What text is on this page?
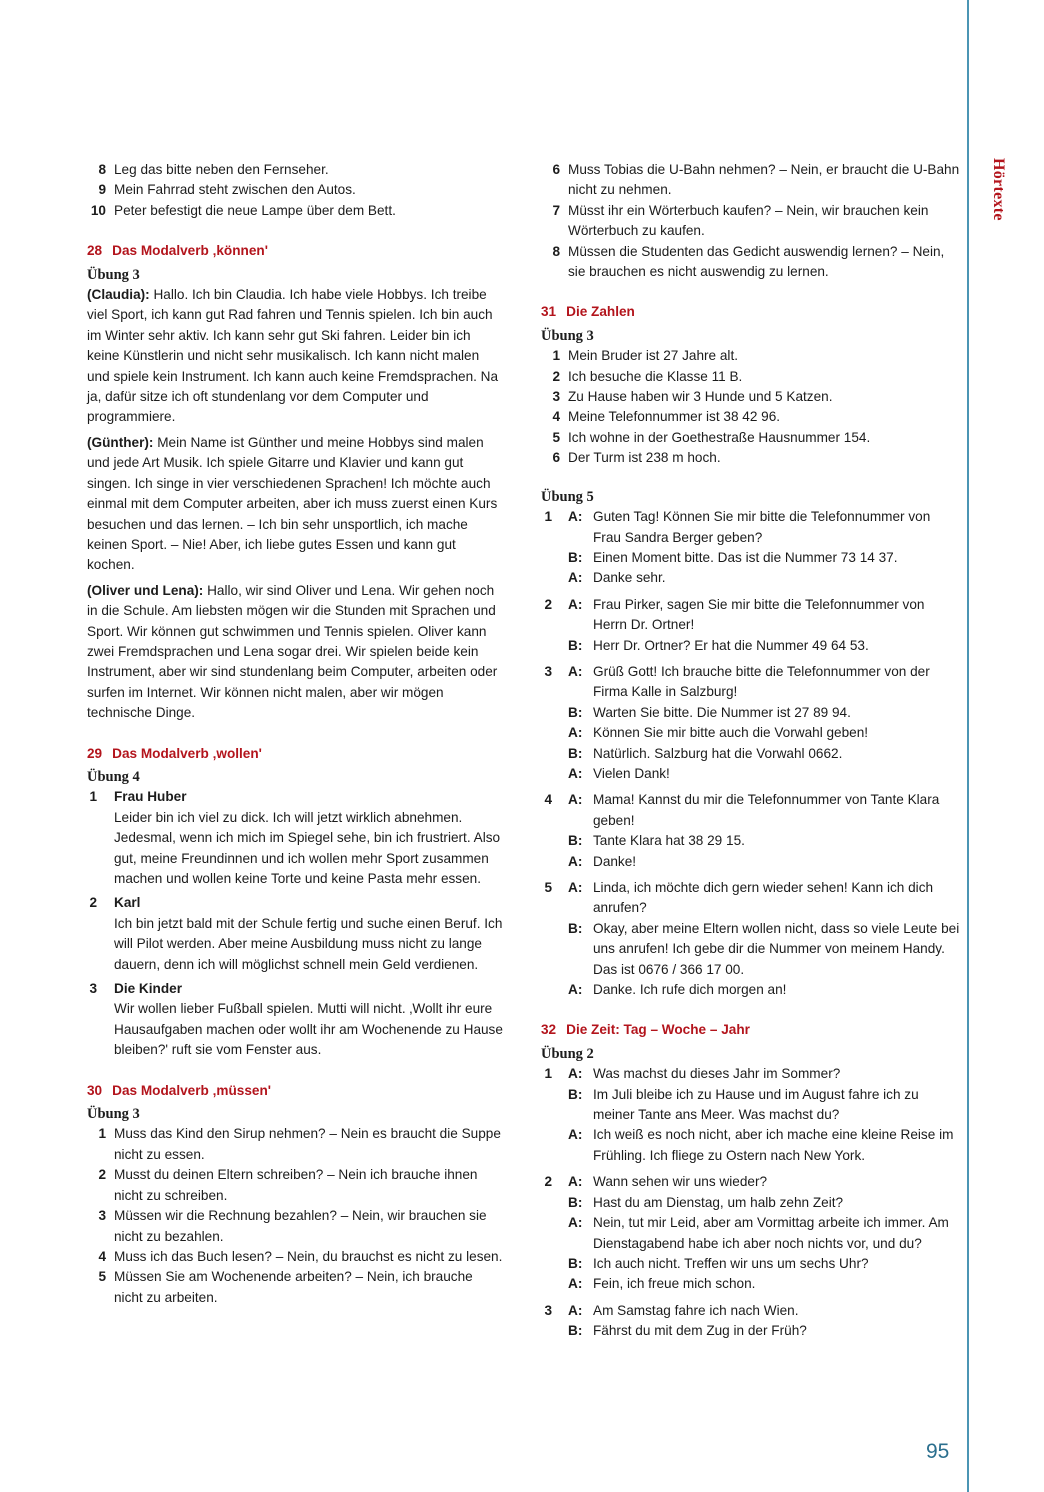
Hörtexte
95
8 Leg das bitte neben den Fernseher.
9 Mein Fahrrad steht zwischen den Autos.
10 Peter befestigt die neue Lampe über dem Bett.
28 Das Modalverb ‚können'
Übung 3
(Claudia): Hallo. Ich bin Claudia. Ich habe viele Hobbys. Ich treibe viel Sport, ich kann gut Rad fahren und Tennis spielen. Ich bin auch im Winter sehr aktiv. Ich kann sehr gut Ski fahren. Leider bin ich keine Künstlerin und nicht sehr musikalisch. Ich kann nicht malen und spiele kein Instrument. Ich kann auch keine Fremdsprachen. Na ja, dafür sitze ich oft stundenlang vor dem Computer und programmiere.
(Günther): Mein Name ist Günther und meine Hobbys sind malen und jede Art Musik. Ich spiele Gitarre und Klavier und kann gut singen. Ich singe in vier verschiedenen Sprachen! Ich möchte auch einmal mit dem Computer arbeiten, aber ich muss zuerst einen Kurs besuchen und das lernen. – Ich bin sehr unsportlich, ich mache keinen Sport. – Nie! Aber, ich liebe gutes Essen und kann gut kochen.
(Oliver und Lena): Hallo, wir sind Oliver und Lena. Wir gehen noch in die Schule. Am liebsten mögen wir die Stunden mit Sprachen und Sport. Wir können gut schwimmen und Tennis spielen. Oliver kann zwei Fremdsprachen und Lena sogar drei. Wir spielen beide kein Instrument, aber wir sind stundenlang beim Computer, arbeiten oder surfen im Internet. Wir können nicht malen, aber wir mögen technische Dinge.
29 Das Modalverb ‚wollen'
Übung 4
1 Frau Huber
Leider bin ich viel zu dick. Ich will jetzt wirklich abnehmen. Jedesmal, wenn ich mich im Spiegel sehe, bin ich frustriert. Also gut, meine Freundinnen und ich wollen mehr Sport zusammen machen und wollen keine Torte und keine Pasta mehr essen.
2 Karl
Ich bin jetzt bald mit der Schule fertig und suche einen Beruf. Ich will Pilot werden. Aber meine Ausbildung muss nicht zu lange dauern, denn ich will möglichst schnell mein Geld verdienen.
3 Die Kinder
Wir wollen lieber Fußball spielen. Mutti will nicht. ‚Wollt ihr eure Hausaufgaben machen oder wollt ihr am Wochenende zu Hause bleiben?' ruft sie vom Fenster aus.
30 Das Modalverb ‚müssen'
Übung 3
1 Muss das Kind den Sirup nehmen? – Nein es braucht die Suppe nicht zu essen.
2 Musst du deinen Eltern schreiben? – Nein ich brauche ihnen nicht zu schreiben.
3 Müssen wir die Rechnung bezahlen? – Nein, wir brauchen sie nicht zu bezahlen.
4 Muss ich das Buch lesen? – Nein, du brauchst es nicht zu lesen.
5 Müssen Sie am Wochenende arbeiten? – Nein, ich brauche nicht zu arbeiten.
6 Muss Tobias die U-Bahn nehmen? – Nein, er braucht die U-Bahn nicht zu nehmen.
7 Müsst ihr ein Wörterbuch kaufen? – Nein, wir brauchen kein Wörterbuch zu kaufen.
8 Müssen die Studenten das Gedicht auswendig lernen? – Nein, sie brauchen es nicht auswendig zu lernen.
31 Die Zahlen
Übung 3
1 Mein Bruder ist 27 Jahre alt.
2 Ich besuche die Klasse 11 B.
3 Zu Hause haben wir 3 Hunde und 5 Katzen.
4 Meine Telefonnummer ist 38 42 96.
5 Ich wohne in der Goethestraße Hausnummer 154.
6 Der Turm ist 238 m hoch.
Übung 5
1 A: Guten Tag! Können Sie mir bitte die Telefonnummer von Frau Sandra Berger geben?
B: Einen Moment bitte. Das ist die Nummer 73 14 37.
A: Danke sehr.
2 A: Frau Pirker, sagen Sie mir bitte die Telefonnummer von Herrn Dr. Ortner!
B: Herr Dr. Ortner? Er hat die Nummer 49 64 53.
3 A: Grüß Gott! Ich brauche bitte die Telefonnummer von der Firma Kalle in Salzburg!
B: Warten Sie bitte. Die Nummer ist 27 89 94.
A: Können Sie mir bitte auch die Vorwahl geben!
B: Natürlich. Salzburg hat die Vorwahl 0662.
A: Vielen Dank!
4 A: Mama! Kannst du mir die Telefonnummer von Tante Klara geben!
B: Tante Klara hat 38 29 15.
A: Danke!
5 A: Linda, ich möchte dich gern wieder sehen! Kann ich dich anrufen?
B: Okay, aber meine Eltern wollen nicht, dass so viele Leute bei uns anrufen! Ich gebe dir die Nummer von meinem Handy. Das ist 0676 / 366 17 00.
A: Danke. Ich rufe dich morgen an!
32 Die Zeit: Tag – Woche – Jahr
Übung 2
1 A: Was machst du dieses Jahr im Sommer?
B: Im Juli bleibe ich zu Hause und im August fahre ich zu meiner Tante ans Meer. Was machst du?
A: Ich weiß es noch nicht, aber ich mache eine kleine Reise im Frühling. Ich fliege zu Ostern nach New York.
2 A: Wann sehen wir uns wieder?
B: Hast du am Dienstag, um halb zehn Zeit?
A: Nein, tut mir Leid, aber am Vormittag arbeite ich immer. Am Dienstagabend habe ich aber noch nichts vor, und du?
B: Ich auch nicht. Treffen wir uns um sechs Uhr?
A: Fein, ich freue mich schon.
3 A: Am Samstag fahre ich nach Wien.
B: Fährst du mit dem Zug in der Früh?
